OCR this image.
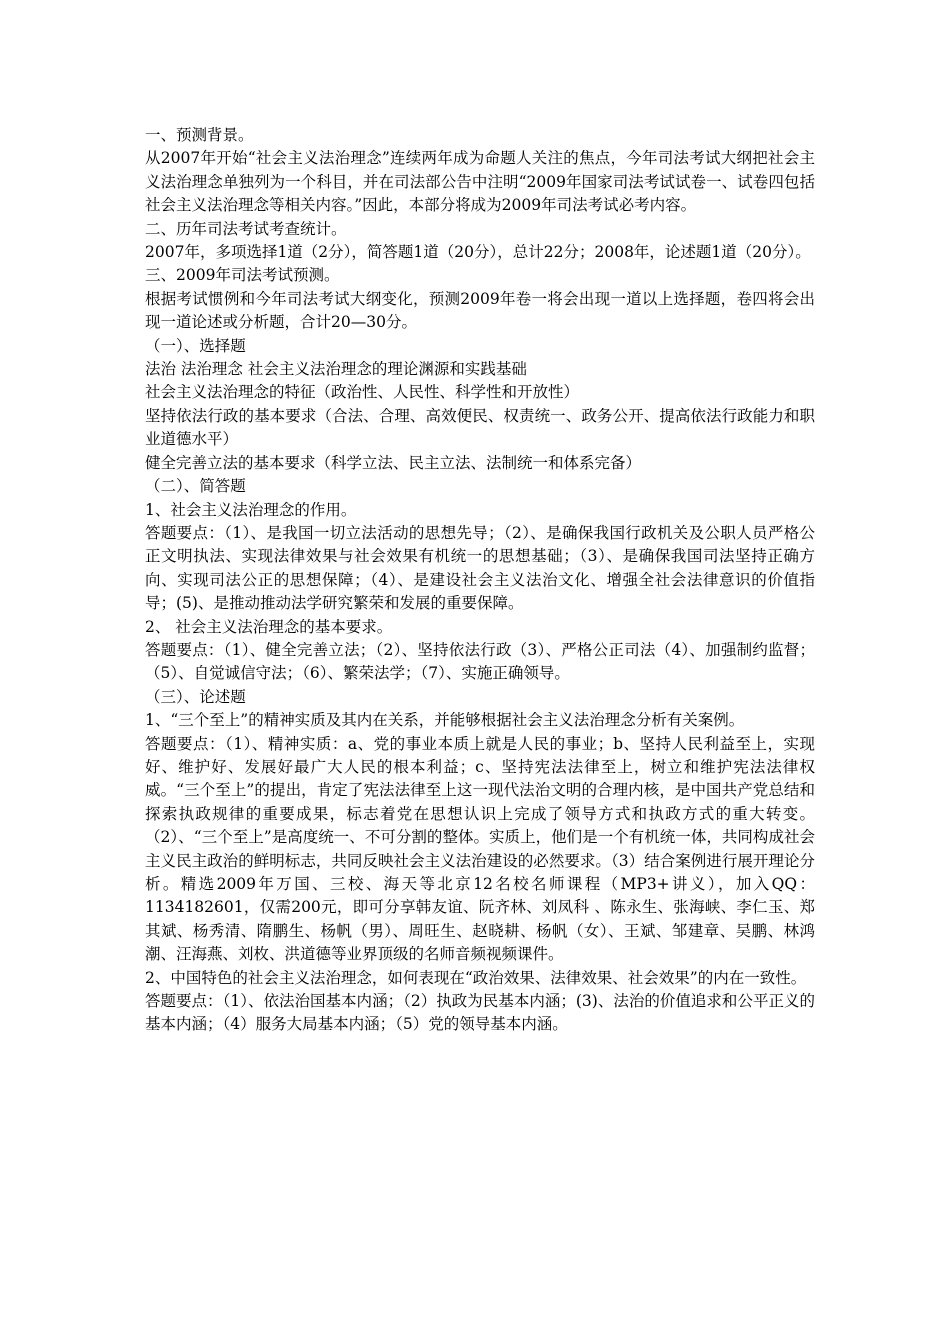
一、预测背景。

从2007年开始“社会主义法治理念”连续两年成为命题人关注的焦点，今年司法考试大纲把社会主义法治理念单独列为一个科目，并在司法部公告中注明“2009年国家司法考试试卷一、试卷四包括社会主义法治理念等相关内容。”因此，本部分将成为2009年司法考试必考内容。

二、历年司法考试考查统计。

2007年，多项选择1道（2分），简答题1道（20分），总计22分；2008年，论述题1道（20分）。

三、2009年司法考试预测。

根据考试惯例和今年司法考试大纲变化，预测2009年卷一将会出现一道以上选择题，卷四将会出现一道论述或分析题，合计20—30分。

（一）、选择题

法治 法治理念 社会主义法治理念的理论渊源和实践基础

社会主义法治理念的特征（政治性、人民性、科学性和开放性）

坚持依法行政的基本要求（合法、合理、高效便民、权责统一、政务公开、提高依法行政能力和职业道德水平）

健全完善立法的基本要求（科学立法、民主立法、法制统一和体系完备）

（二）、简答题

1、社会主义法治理念的作用。

答题要点：（1）、是我国一切立法活动的思想先导；（2）、是确保我国行政机关及公职人员严格公正文明执法、实现法律效果与社会效果有机统一的思想基础；（3）、是确保我国司法坚持正确方向、实现司法公正的思想保障；（4）、是建设社会主义法治文化、增强全社会法律意识的价值指导；(5)、是推动推动法学研究繁荣和发展的重要保障。

2、 社会主义法治理念的基本要求。

答题要点：（1）、健全完善立法；（2）、坚持依法行政（3）、严格公正司法（4）、加强制约监督；（5）、自觉诚信守法；（6）、繁荣法学；（7）、实施正确领导。

（三）、论述题

1、“三个至上”的精神实质及其内在关系，并能够根据社会主义法治理念分析有关案例。

答题要点：（1）、精神实质：a、党的事业本质上就是人民的事业；b、坚持人民利益至上，实现好、维护好、发展好最广大人民的根本利益；c、坚持宪法法律至上，树立和维护宪法法律权威。“三个至上”的提出，肯定了宪法法律至上这一现代法治文明的合理内核，是中国共产党总结和探索执政规律的重要成果，标志着党在思想认识上完成了领导方式和执政方式的重大转变。（2）、“三个至上”是高度统一、不可分割的整体。实质上，他们是一个有机统一体，共同构成社会主义民主政治的鲜明标志，共同反映社会主义法治建设的必然要求。（3）结合案例进行展开理论分析。精选2009年万国、三校、海天等北京12名校名师课程（MP3+讲义），加入QQ：1134182601，仅需200元，即可分享韩友谊、阮齐林、刘凤科 、陈永生、张海峡、李仁玉、郑其斌、杨秀清、隋鹏生、杨帆（男）、周旺生、赵晓耕、杨帆（女）、王斌、邹建章、吴鹏、林鸿潮、汪海燕、刘枚、洪道德等业界顶级的名师音频视频课件。

2、中国特色的社会主义法治理念，如何表现在“政治效果、法律效果、社会效果”的内在一致性。

答题要点：（1）、依法治国基本内涵；（2）执政为民基本内涵；(3)、法治的价值追求和公平正义的基本内涵；（4）服务大局基本内涵；（5）党的领导基本内涵。
